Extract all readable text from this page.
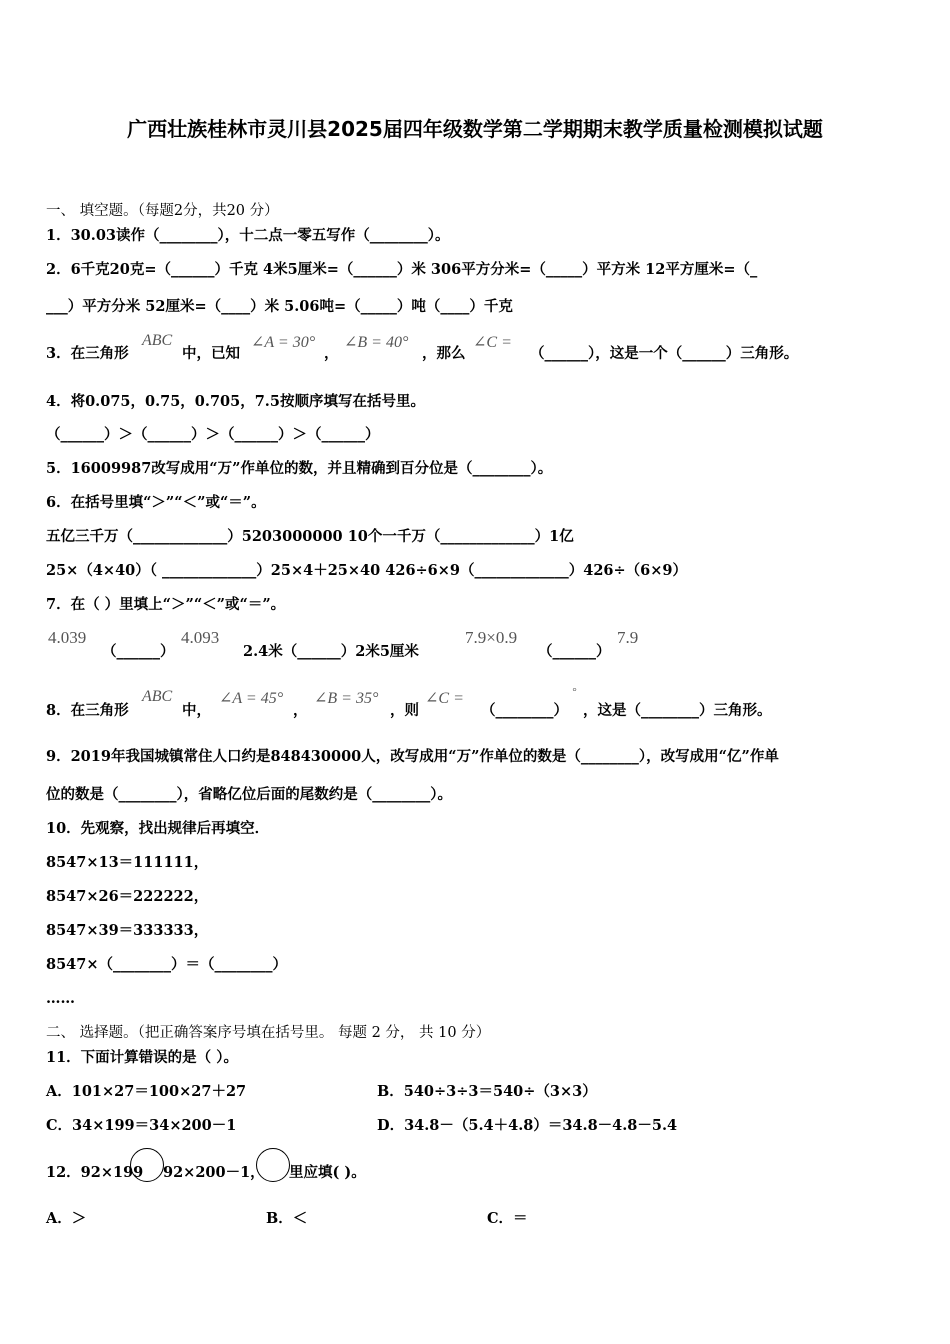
广西壮族桂林市灵川县2025届四年级数学第二学期期末教学质量检测模拟试题
一、 填空题。（每题2分，共20 分）
1．30.03读作（________），十二点一零五写作（________）。
2．6千克20克=（______）千克 4米5厘米=（______）米 306平方分米=（_____）平方米 12平方厘米=（_
___）平方分米 52厘米=（____）米 5.06吨=（_____）吨（____）千克
3．在三角形
ABC
中，已知
∠A = 30°
，
∠B = 40°
，那么
∠C =
（______），这是一个（______）三角形。
4．将0.075，0.75，0.705，7.5按顺序填写在括号里。
（______）＞（______）＞（______）＞（______）
5．16009987改写成用“万”作单位的数，并且精确到百分位是（________）。
6．在括号里填“＞”“＜”或“＝”。
五亿三千万（_____________）5203000000 10个一千万（_____________）1亿
25×（4×40）（ _____________）25×4＋25×40 426÷6×9（_____________）426÷（6×9）
7．在（ ）里填上“＞”“＜”或“＝”。
4.039
（______）
4.093
2.4米（______）2米5厘米
7.9×0.9
（______）
7.9
8．在三角形
ABC
中，
∠A = 45°
，
∠B = 35°
，则
∠C =
（________）
°
，这是（________）三角形。
9．2019年我国城镇常住人口约是848430000人，改写成用“万”作单位的数是（________），改写成用“亿”作单
位的数是（________），省略亿位后面的尾数约是（________）。
10．先观察，找出规律后再填空．
8547×13＝111111，
8547×26＝222222，
8547×39＝333333，
8547×（________）＝（________）
……
二、 选择题。（把正确答案序号填在括号里。 每题 2 分， 共 10 分）
11．下面计算错误的是（ ）。
A．101×27＝100×27＋27	B．540÷3÷3＝540÷（3×3）
C．34×199＝34×200－1	D．34.8－（5.4＋4.8）＝34.8－4.8－5.4
12．92×199 92×200－1， 里应填( )。
A．＞	B．＜	C．＝
